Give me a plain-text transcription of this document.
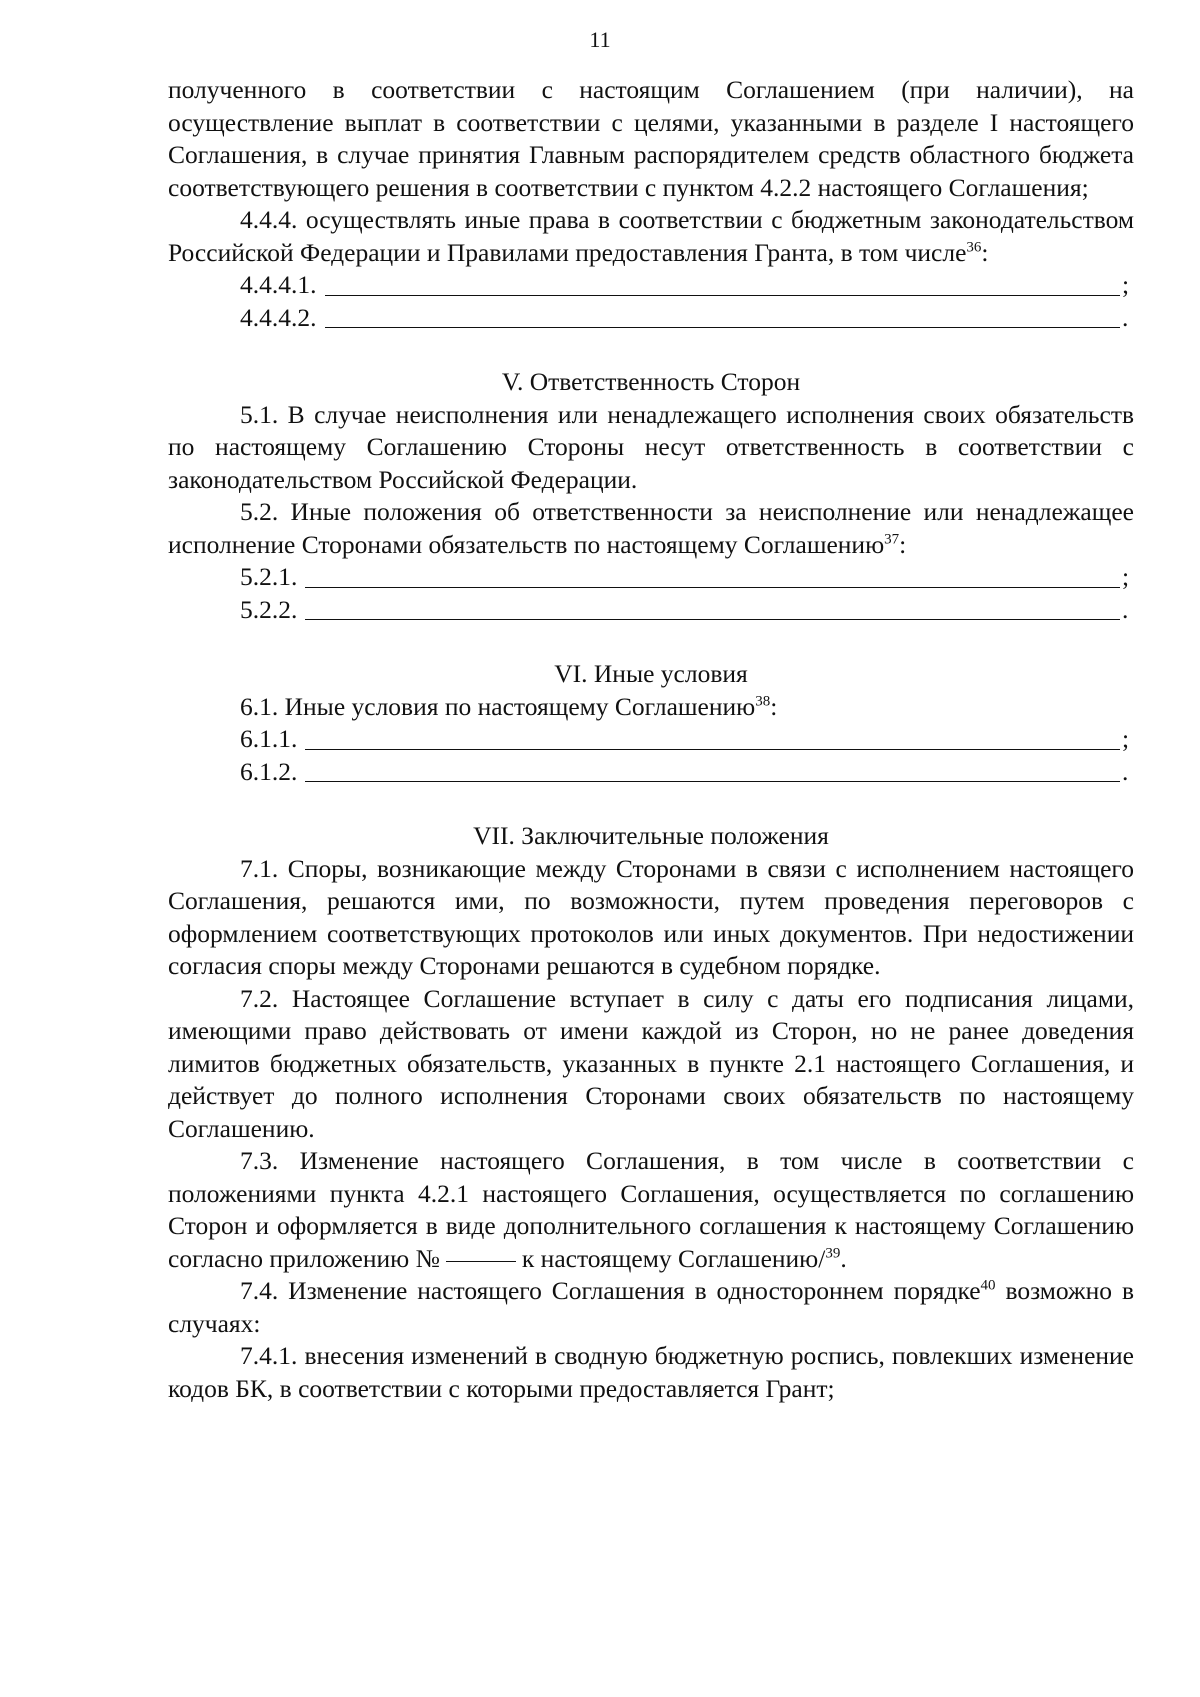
11

полученного в соответствии с настоящим Соглашением (при наличии), на осуществление выплат в соответствии с целями, указанными в разделе I настоящего Соглашения, в случае принятия Главным распорядителем средств областного бюджета соответствующего решения в соответствии с пунктом 4.2.2 настоящего Соглашения;

4.4.4. осуществлять иные права в соответствии с бюджетным законодательством Российской Федерации и Правилами предоставления Гранта, в том числе$^{36}$:

4.4.4.1.	;
4.4.4.2.	.

V. Ответственность Сторон

5.1. В случае неисполнения или ненадлежащего исполнения своих обязательств по настоящему Соглашению Стороны несут ответственность в соответствии с законодательством Российской Федерации.

5.2. Иные положения об ответственности за неисполнение или ненадлежащее исполнение Сторонами обязательств по настоящему Соглашению$^{37}$:

5.2.1.	;
5.2.2.	.

VI. Иные условия

6.1. Иные условия по настоящему Соглашению$^{38}$:

6.1.1.	;
6.1.2.	.

VII. Заключительные положения

7.1. Споры, возникающие между Сторонами в связи с исполнением настоящего Соглашения, решаются ими, по возможности, путем проведения переговоров с оформлением соответствующих протоколов или иных документов. При недостижении согласия споры между Сторонами решаются в судебном порядке.

7.2. Настоящее Соглашение вступает в силу с даты его подписания лицами, имеющими право действовать от имени каждой из Сторон, но не ранее доведения лимитов бюджетных обязательств, указанных в пункте 2.1 настоящего Соглашения, и действует до полного исполнения Сторонами своих обязательств по настоящему Соглашению.

7.3. Изменение настоящего Соглашения, в том числе в соответствии с положениями пункта 4.2.1 настоящего Соглашения, осуществляется по соглашению Сторон и оформляется в виде дополнительного соглашения к настоящему Соглашению согласно приложению №	к настоящему Соглашению/$^{39}$.

7.4. Изменение настоящего Соглашения в одностороннем порядке$^{40}$ возможно в случаях:

7.4.1. внесения изменений в сводную бюджетную роспись, повлекших изменение кодов БК, в соответствии с которыми предоставляется Грант;
